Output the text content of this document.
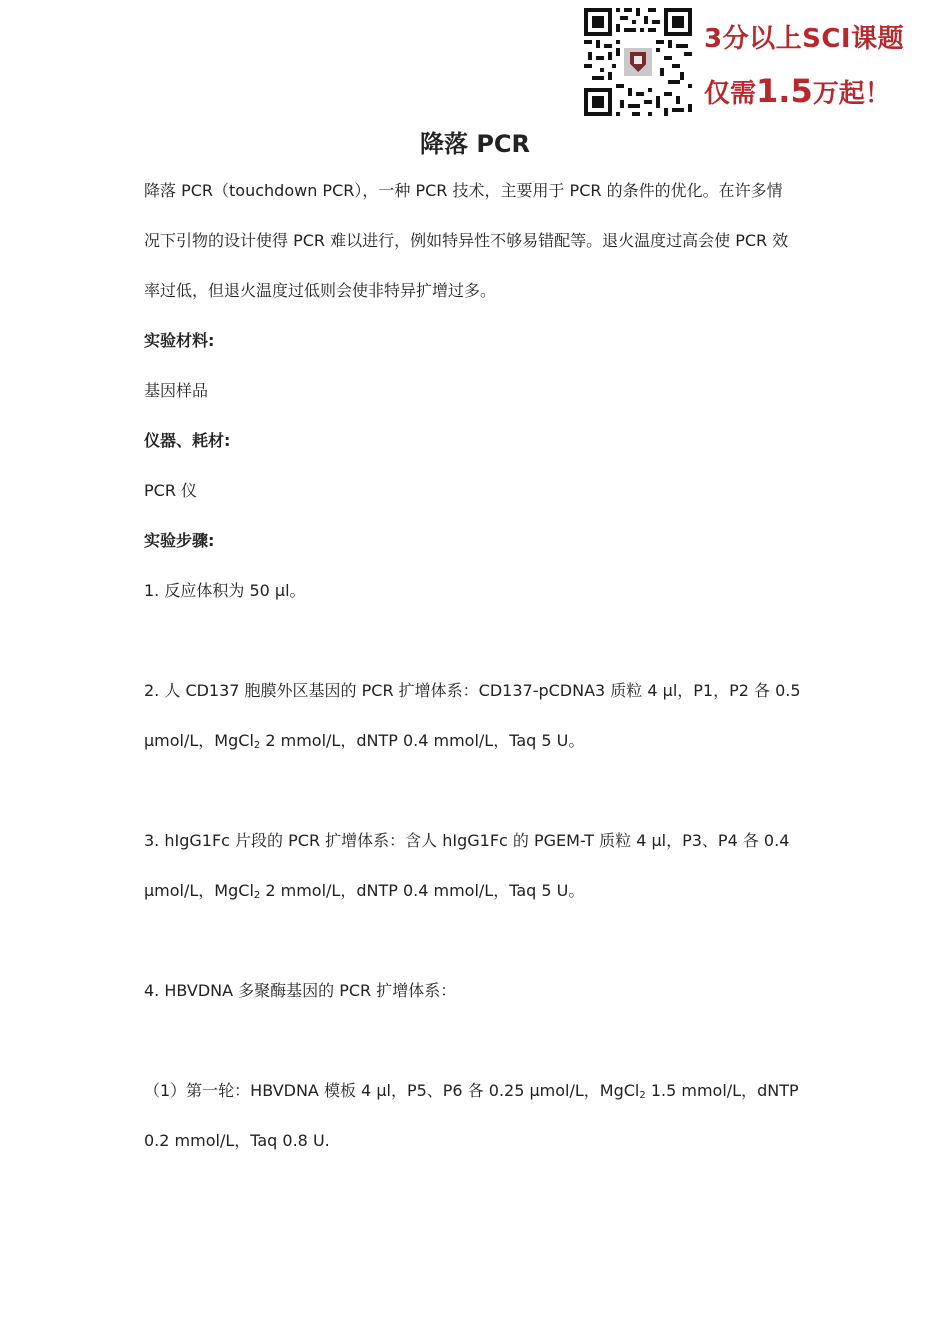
3分以上SCI课题
仅需1.5万起！
降落 PCR
降落 PCR（touchdown PCR），一种 PCR 技术，主要用于 PCR 的条件的优化。在许多情
况下引物的设计使得 PCR 难以进行，例如特异性不够易错配等。退火温度过高会使 PCR 效
率过低，但退火温度过低则会使非特异扩增过多。
实验材料:
基因样品
仪器、耗材:
PCR 仪
实验步骤:
1. 反应体积为 50 μl。
2. 人 CD137 胞膜外区基因的 PCR 扩增体系：CD137-pCDNA3 质粒 4 μl，P1，P2 各 0.5
μmol/L，MgCl$_2$ 2 mmol/L，dNTP 0.4 mmol/L，Taq 5 U。
3. hIgG1Fc 片段的 PCR 扩增体系：含人 hIgG1Fc 的 PGEM-T 质粒 4 μl，P3、P4 各 0.4
μmol/L，MgCl$_2$ 2 mmol/L，dNTP 0.4 mmol/L，Taq 5 U。
4. HBVDNA 多聚酶基因的 PCR 扩增体系：
（1）第一轮：HBVDNA 模板 4 μl，P5、P6 各 0.25 μmol/L，MgCl$_2$ 1.5 mmol/L，dNTP
0.2 mmol/L，Taq 0.8 U.
